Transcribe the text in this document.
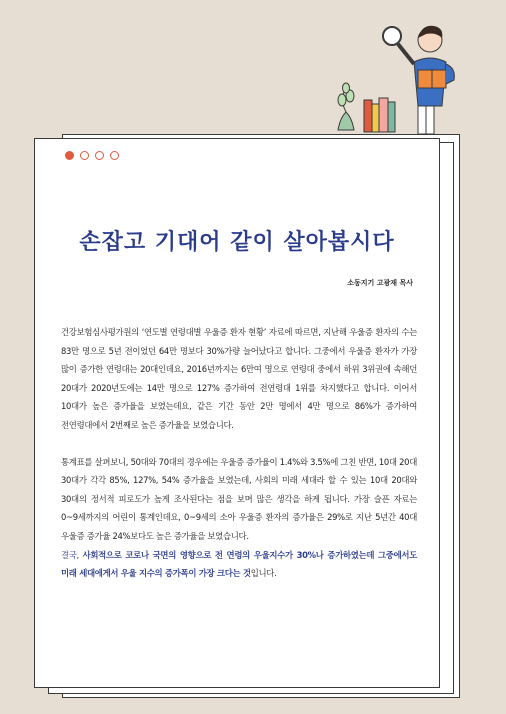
손잡고 기대어 같이 살아봅시다
소동지기 고광재 목사

건강보험심사평가원의 ‘연도별 연령대별 우울증 환자 현황’ 자료에 따르면, 지난해 우울증 환자의 수는 83만 명으로 5년 전이었던 64만 명보다 30%가량 늘어났다고 합니다. 그중에서 우울증 환자가 가장 많이 증가한 연령대는 20대인데요, 2016년까지는 6만여 명으로 연령대 중에서 하위 3위권에 속해던 20대가 2020년도에는 14만 명으로 127% 증가하여 전연령대 1위를 차지했다고 합니다. 이어서 10대가 높은 증가율을 보였는데요, 같은 기간 동안 2만 명에서 4만 명으로 86%가 증가하여 전연령대에서 2번째로 높은 증가율을 보였습니다.

통계표를 살펴보니, 50대와 70대의 경우에는 우울증 증가율이 1.4%와 3.5%에 그친 반면, 10대 20대 30대가 각각 85%, 127%, 54% 증가율을 보였는데, 사회의 미래 세대라 할 수 있는 10대 20대와 30대의 정서적 피로도가 높게 조사된다는 점을 보며 많은 생각을 하게 됩니다. 가장 슬픈 자료는 0~9세까지의 어린이 통계인데요, 0~9세의 소아 우울증 환자의 증가율은 29%로 지난 5년간 40대 우울증 증가율 24%보다도 높은 증가율을 보였습니다.

결국, 사회적으로 코로나 국면의 영향으로 전 연령의 우울지수가 30%나 증가하였는데 그중에서도 미래 세대에게서 우울 지수의 증가폭이 가장 크다는 것입니다.
